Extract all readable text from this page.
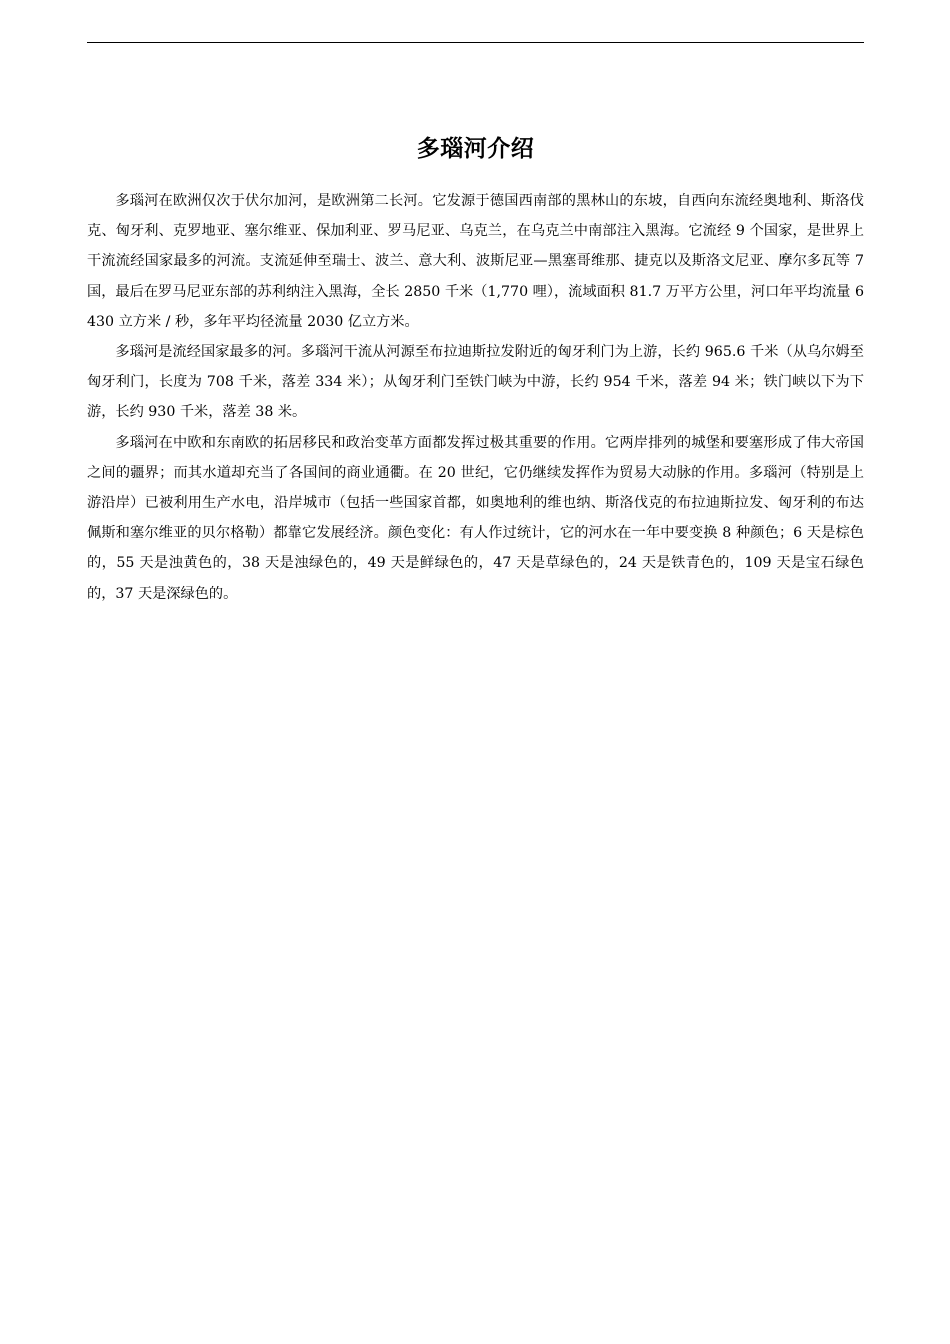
多瑙河介绍

多瑙河在欧洲仅次于伏尔加河，是欧洲第二长河。它发源于德国西南部的黑林山的东坡，自西向东流经奥地利、斯洛伐克、匈牙利、克罗地亚、塞尔维亚、保加利亚、罗马尼亚、乌克兰，在乌克兰中南部注入黑海。它流经 9 个国家，是世界上干流流经国家最多的河流。支流延伸至瑞士、波兰、意大利、波斯尼亚—黑塞哥维那、捷克以及斯洛文尼亚、摩尔多瓦等 7 国，最后在罗马尼亚东部的苏利纳注入黑海，全长 2850 千米（1,770 哩），流域面积 81.7 万平方公里，河口年平均流量 6430 立方米 / 秒，多年平均径流量 2030 亿立方米。

多瑙河是流经国家最多的河。多瑙河干流从河源至布拉迪斯拉发附近的匈牙利门为上游，长约 965.6 千米（从乌尔姆至匈牙利门，长度为 708 千米，落差 334 米）；从匈牙利门至铁门峡为中游，长约 954 千米，落差 94 米；铁门峡以下为下游，长约 930 千米，落差 38 米。

多瑙河在中欧和东南欧的拓居移民和政治变革方面都发挥过极其重要的作用。它两岸排列的城堡和要塞形成了伟大帝国之间的疆界；而其水道却充当了各国间的商业通衢。在 20 世纪，它仍继续发挥作为贸易大动脉的作用。多瑙河（特别是上游沿岸）已被利用生产水电，沿岸城市（包括一些国家首都，如奥地利的维也纳、斯洛伐克的布拉迪斯拉发、匈牙利的布达佩斯和塞尔维亚的贝尔格勒）都靠它发展经济。颜色变化：有人作过统计，它的河水在一年中要变换 8 种颜色；6 天是棕色的，55 天是浊黄色的，38 天是浊绿色的，49 天是鲜绿色的，47 天是草绿色的，24 天是铁青色的，109 天是宝石绿色的，37 天是深绿色的。
